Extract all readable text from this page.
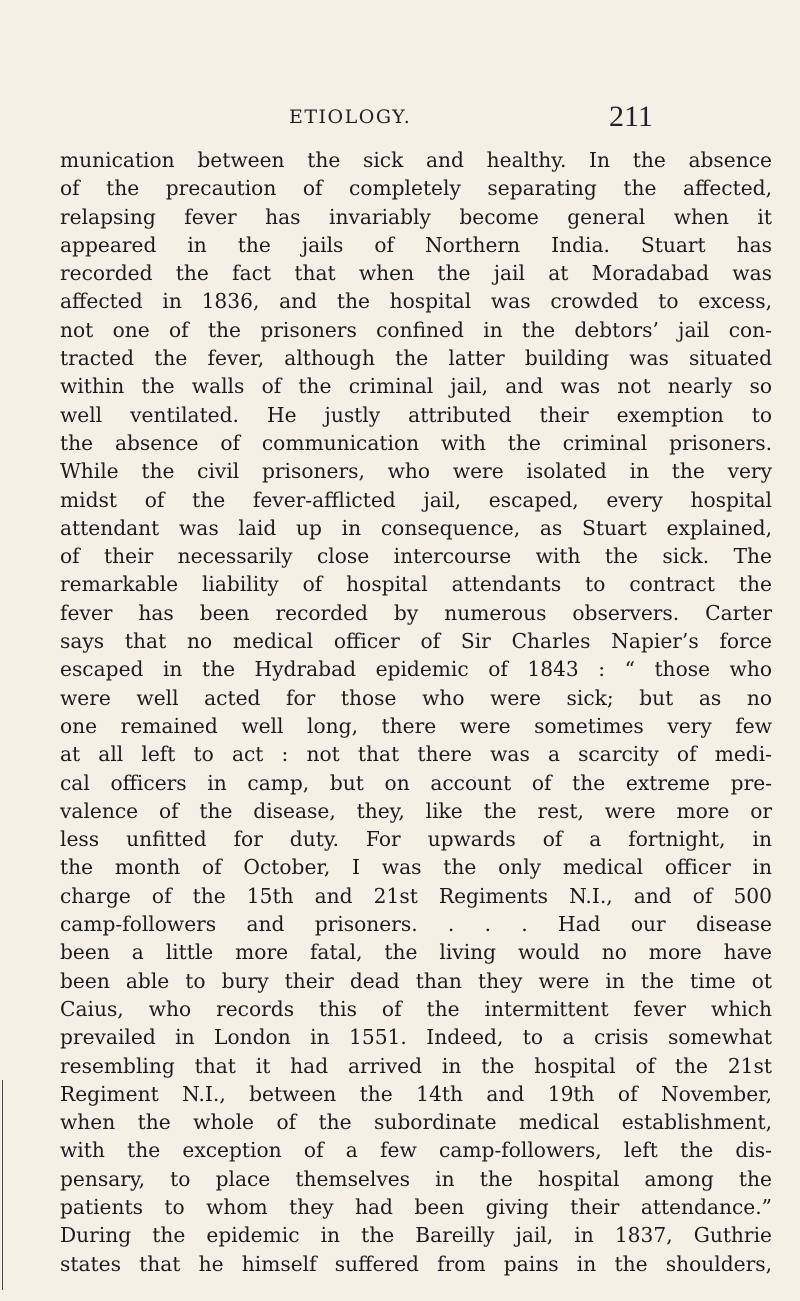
ETIOLOGY.	211
munication between the sick and healthy. In the absence
of the precaution of completely separating the affected,
relapsing fever has invariably become general when it
appeared in the jails of Northern India. Stuart has
recorded the fact that when the jail at Moradabad was
affected in 1836, and the hospital was crowded to excess,
not one of the prisoners confined in the debtors’ jail con-
tracted the fever, although the latter building was situated
within the walls of the criminal jail, and was not nearly so
well ventilated. He justly attributed their exemption to
the absence of communication with the criminal prisoners.
While the civil prisoners, who were isolated in the very
midst of the fever-afflicted jail, escaped, every hospital
attendant was laid up in consequence, as Stuart explained,
of their necessarily close intercourse with the sick. The
remarkable liability of hospital attendants to contract the
fever has been recorded by numerous observers. Carter
says that no medical officer of Sir Charles Napier’s force
escaped in the Hydrabad epidemic of 1843 : “ those who
were well acted for those who were sick; but as no
one remained well long, there were sometimes very few
at all left to act : not that there was a scarcity of medi-
cal officers in camp, but on account of the extreme pre-
valence of the disease, they, like the rest, were more or
less unfitted for duty. For upwards of a fortnight, in
the month of October, I was the only medical officer in
charge of the 15th and 21st Regiments N.I., and of 500
camp-followers and prisoners. . . . Had our disease
been a little more fatal, the living would no more have
been able to bury their dead than they were in the time ot
Caius, who records this of the intermittent fever which
prevailed in London in 1551. Indeed, to a crisis somewhat
resembling that it had arrived in the hospital of the 21st
Regiment N.I., between the 14th and 19th of November,
when the whole of the subordinate medical establishment,
with the exception of a few camp-followers, left the dis-
pensary, to place themselves in the hospital among the
patients to whom they had been giving their attendance.”
During the epidemic in the Bareilly jail, in 1837, Guthrie
states that he himself suffered from pains in the shoulders,
